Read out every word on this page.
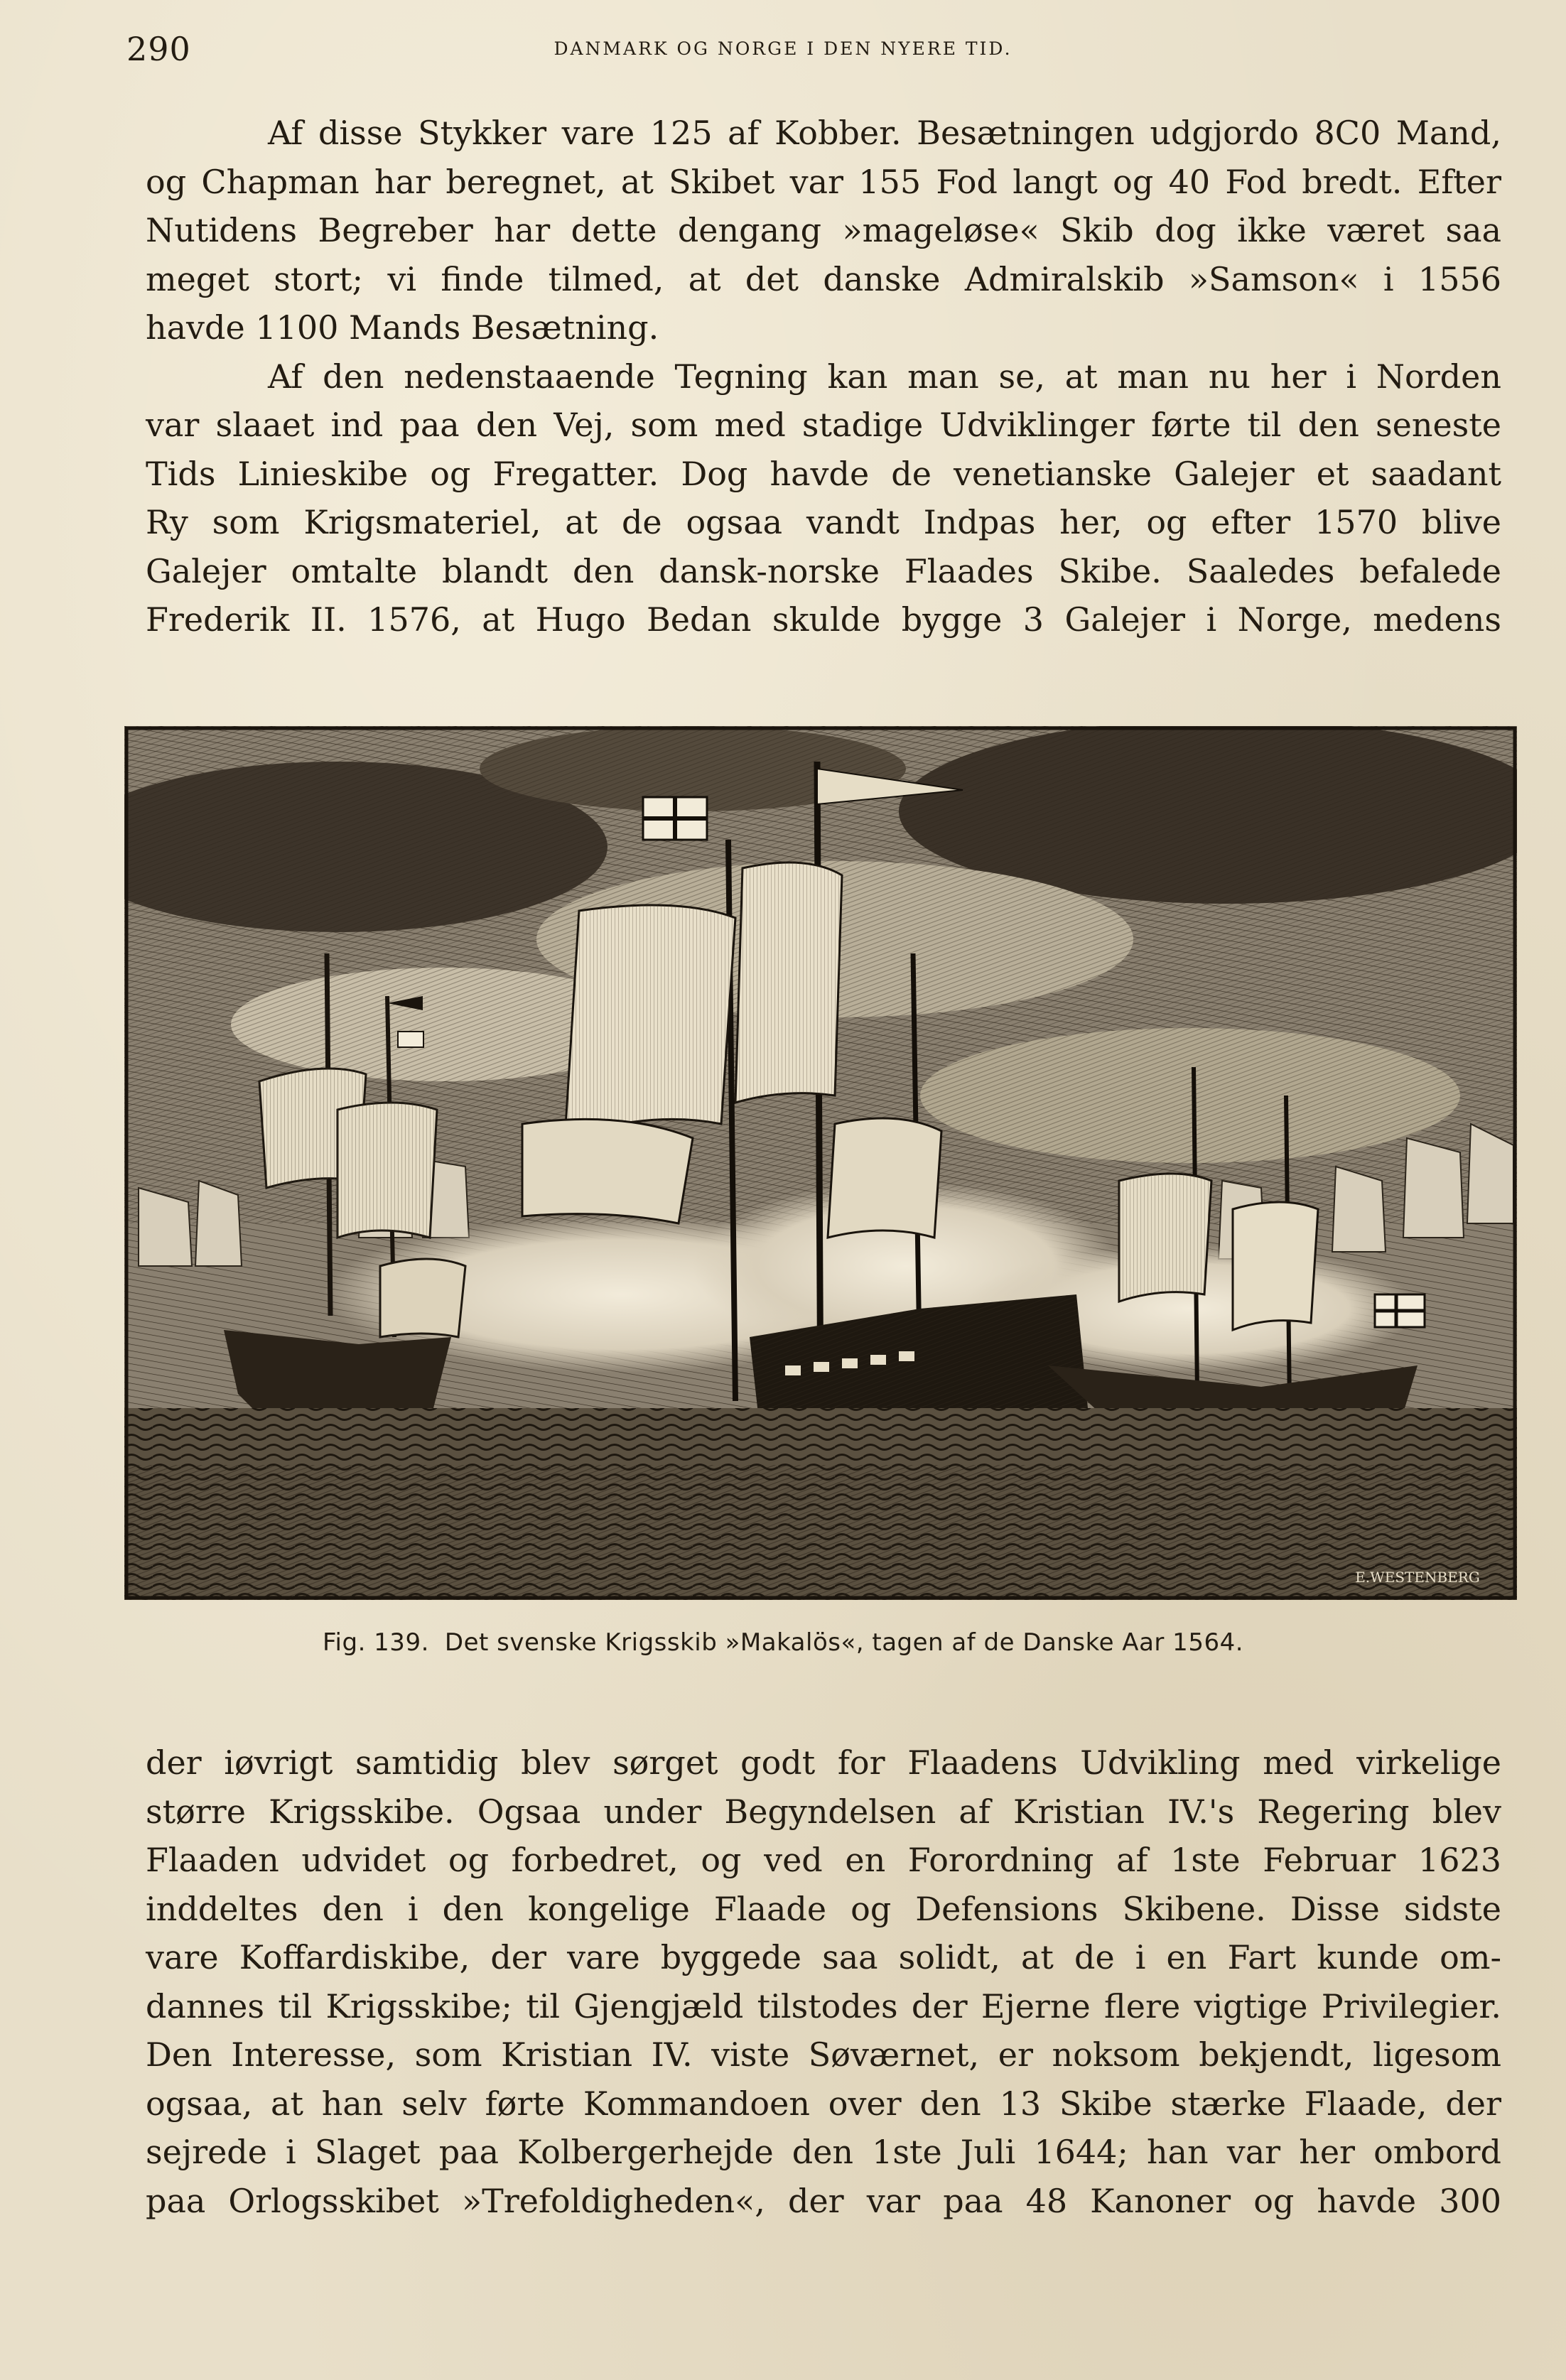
290	DANMARK OG NORGE I DEN NYERE TID.

Af disse Stykker vare 125 af Kobber. Besætningen udgjordo 8C0 Mand,
og Chapman har beregnet, at Skibet var 155 Fod langt og 40 Fod bredt. Efter
Nutidens Begreber har dette dengang »mageløse« Skib dog ikke været saa
meget stort; vi finde tilmed, at det danske Admiralskib »Samson« i 1556
havde 1100 Mands Besætning.

Af den nedenstaaende Tegning kan man se, at man nu her i Norden
var slaaet ind paa den Vej, som med stadige Udviklinger førte til den seneste
Tids Linieskibe og Fregatter. Dog havde de venetianske Galejer et saadant
Ry som Krigsmateriel, at de ogsaa vandt Indpas her, og efter 1570 blive
Galejer omtalte blandt den dansk-norske Flaades Skibe. Saaledes befalede
Frederik II. 1576, at Hugo Bedan skulde bygge 3 Galejer i Norge, medens

E.WESTENBERG
Fig. 139. Det svenske Krigsskib »Makalös«, tagen af de Danske Aar 1564.

der iøvrigt samtidig blev sørget godt for Flaadens Udvikling med virkelige
større Krigsskibe. Ogsaa under Begyndelsen af Kristian IV.'s Regering blev
Flaaden udvidet og forbedret, og ved en Forordning af 1ste Februar 1623
inddeltes den i den kongelige Flaade og Defensions Skibene. Disse sidste
vare Koffardiskibe, der vare byggede saa solidt, at de i en Fart kunde om-
dannes til Krigsskibe; til Gjengjæld tilstodes der Ejerne flere vigtige Privilegier.
Den Interesse, som Kristian IV. viste Søværnet, er noksom bekjendt, ligesom
ogsaa, at han selv førte Kommandoen over den 13 Skibe stærke Flaade, der
sejrede i Slaget paa Kolbergerhejde den 1ste Juli 1644; han var her ombord
paa Orlogsskibet »Trefoldigheden«, der var paa 48 Kanoner og havde 300
